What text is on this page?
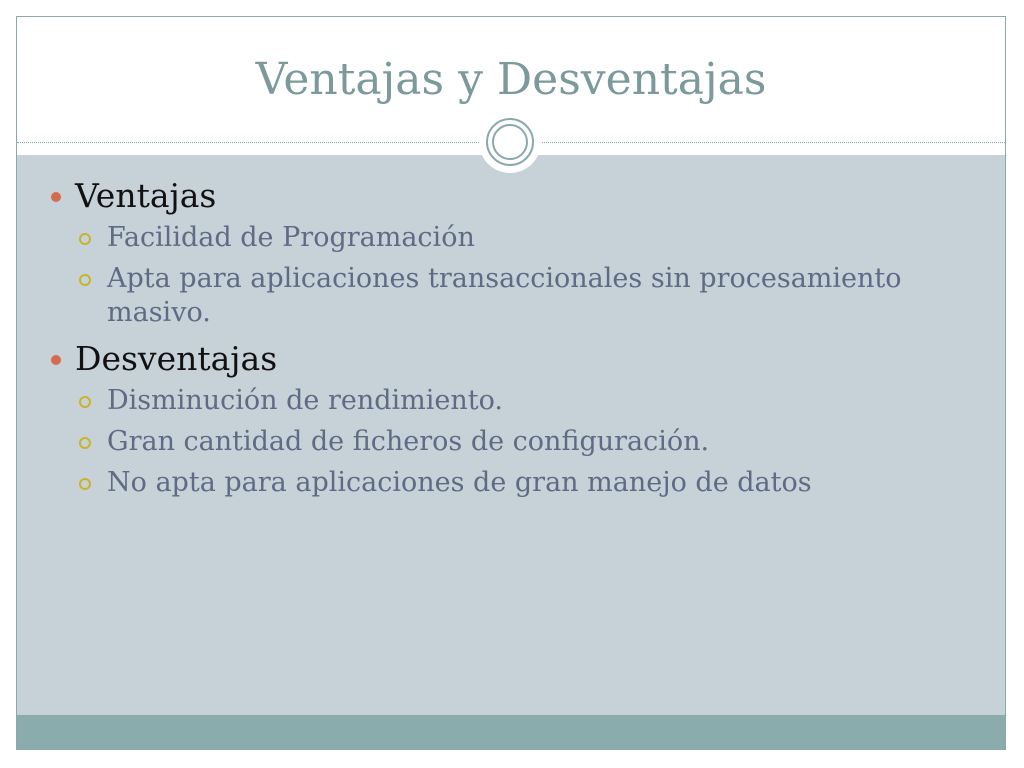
Ventajas y Desventajas
Ventajas
Facilidad de Programación
Apta para aplicaciones transaccionales sin procesamiento masivo.
Desventajas
Disminución de rendimiento.
Gran cantidad de ficheros de configuración.
No apta para aplicaciones de gran manejo de datos
